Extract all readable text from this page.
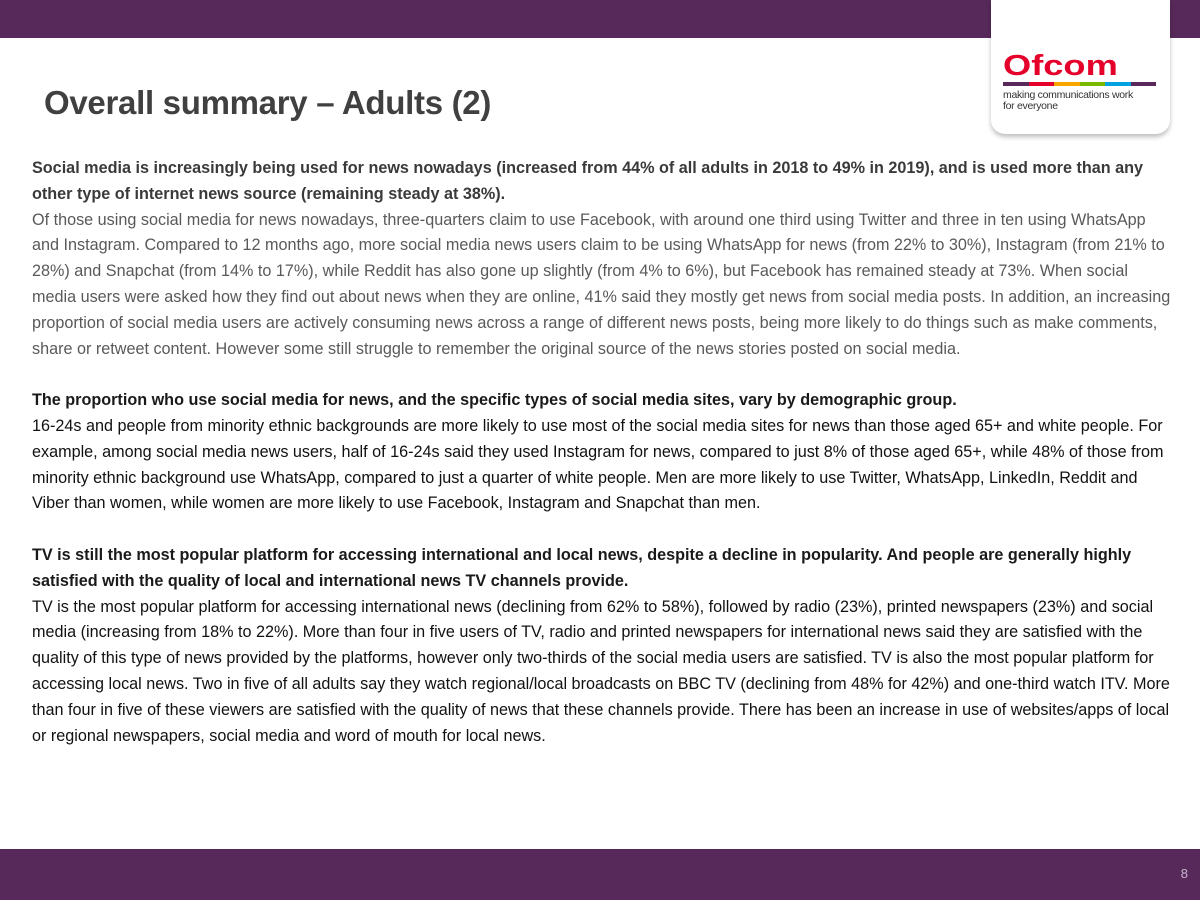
Ofcom
making communications work
for everyone
Overall summary – Adults (2)
Social media is increasingly being used for news nowadays (increased from 44% of all adults in 2018 to 49% in 2019), and is used more than any other type of internet news source (remaining steady at 38%).
Of those using social media for news nowadays, three-quarters claim to use Facebook, with around one third using Twitter and three in ten using WhatsApp and Instagram. Compared to 12 months ago, more social media news users claim to be using WhatsApp for news (from 22% to 30%), Instagram (from 21% to 28%) and Snapchat (from 14% to 17%), while Reddit has also gone up slightly (from 4% to 6%), but Facebook has remained steady at 73%. When social media users were asked how they find out about news when they are online, 41% said they mostly get news from social media posts. In addition, an increasing proportion of social media users are actively consuming news across a range of different news posts, being more likely to do things such as make comments, share or retweet content. However some still struggle to remember the original source of the news stories posted on social media.
The proportion who use social media for news, and the specific types of social media sites, vary by demographic group.
16-24s and people from minority ethnic backgrounds are more likely to use most of the social media sites for news than those aged 65+ and white people. For example, among social media news users, half of 16-24s said they used Instagram for news, compared to just 8% of those aged 65+, while 48% of those from minority ethnic background use WhatsApp, compared to just a quarter of white people. Men are more likely to use Twitter, WhatsApp, LinkedIn, Reddit and Viber than women, while women are more likely to use Facebook, Instagram and Snapchat than men.
TV is still the most popular platform for accessing international and local news, despite a decline in popularity. And people are generally highly satisfied with the quality of local and international news TV channels provide.
TV is the most popular platform for accessing international news (declining from 62% to 58%), followed by radio (23%), printed newspapers (23%) and social media (increasing from 18% to 22%). More than four in five users of TV, radio and printed newspapers for international news said they are satisfied with the quality of this type of news provided by the platforms, however only two-thirds of the social media users are satisfied. TV is also the most popular platform for accessing local news. Two in five of all adults say they watch regional/local broadcasts on BBC TV (declining from 48% for 42%) and one-third watch ITV. More than four in five of these viewers are satisfied with the quality of news that these channels provide. There has been an increase in use of websites/apps of local or regional newspapers, social media and word of mouth for local news.
8
